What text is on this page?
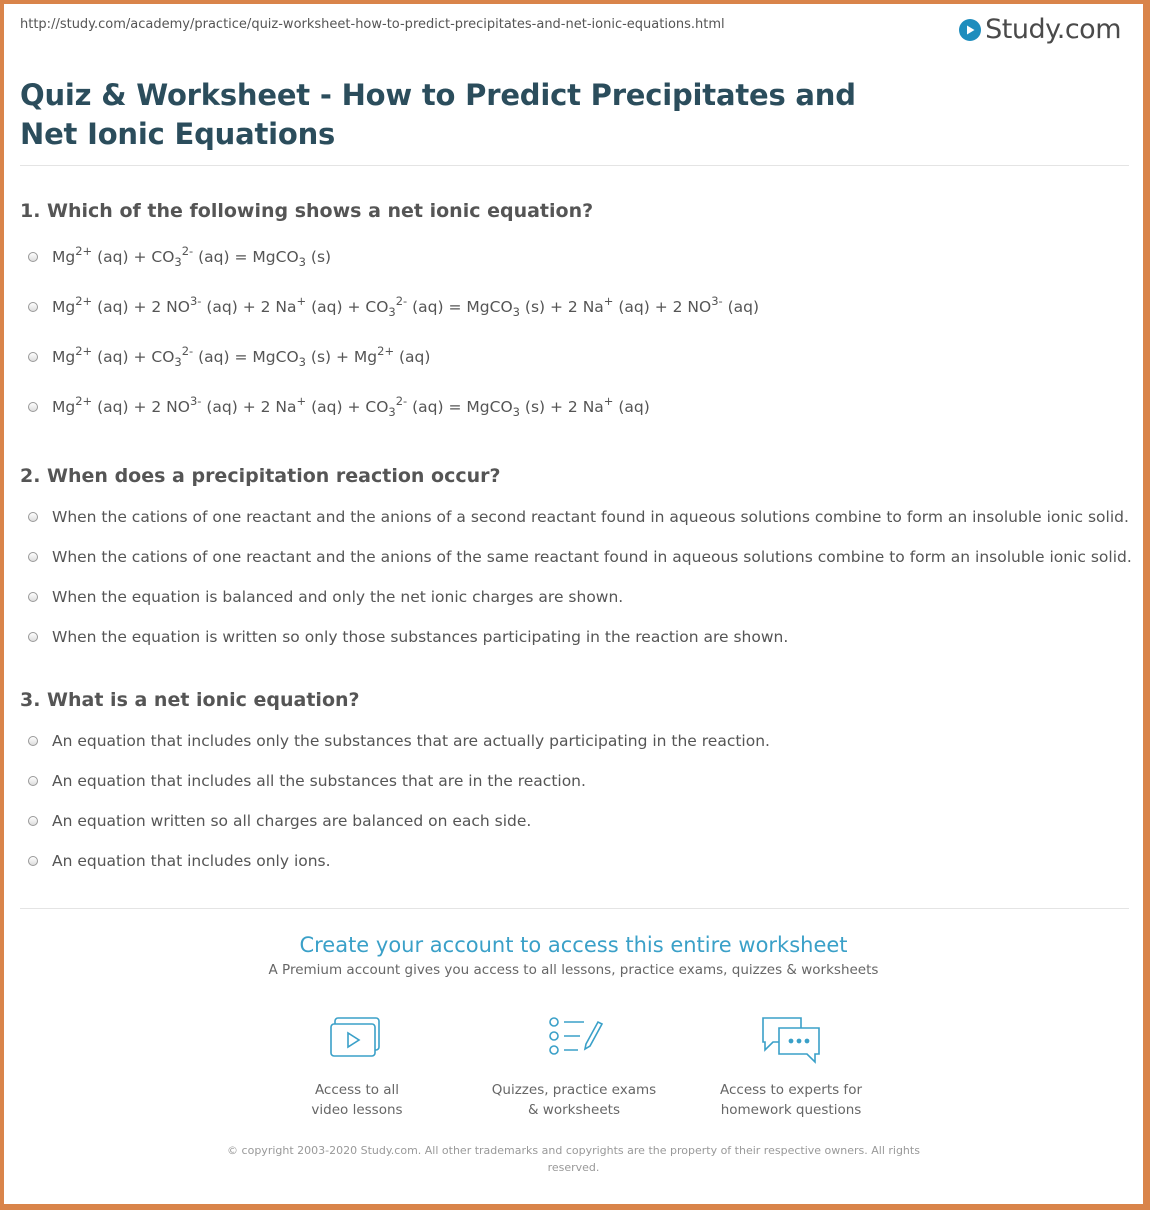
http://study.com/academy/practice/quiz-worksheet-how-to-predict-precipitates-and-net-ionic-equations.html	Study.com
Quiz & Worksheet - How to Predict Precipitates and Net Ionic Equations
1. Which of the following shows a net ionic equation?
$Mg^{2+}$ $(aq) + CO_3^{2-}$ (aq) = MgCO$_3$ (s)
$Mg^{2+}$ (aq) + 2 $NO^{3-}$ (aq) + 2 Na+ $(aq) + CO_3^{2-}$ (aq) = MgCO$_3$ (s) + 2 Na+ (aq) + 2 $NO^{3-}$ (aq)
$Mg^{2+}$ $(aq) + CO_3^{2-}$ (aq) = MgCO$_3$ $(s) + Mg^{2+}$ (aq)
$Mg^{2+}$ (aq) + 2 $NO^{3-}$ (aq) + 2 Na+ $(aq) + CO_3^{2-}$ (aq) = MgCO$_3$ (s) + 2 Na+ (aq)
2. When does a precipitation reaction occur?
When the cations of one reactant and the anions of a second reactant found in aqueous solutions combine to form an insoluble ionic solid.
When the cations of one reactant and the anions of the same reactant found in aqueous solutions combine to form an insoluble ionic solid.
When the equation is balanced and only the net ionic charges are shown.
When the equation is written so only those substances participating in the reaction are shown.
3. What is a net ionic equation?
An equation that includes only the substances that are actually participating in the reaction.
An equation that includes all the substances that are in the reaction.
An equation written so all charges are balanced on each side.
An equation that includes only ions.
Create your account to access this entire worksheet
A Premium account gives you access to all lessons, practice exams, quizzes & worksheets
Access to all
video lessons
Quizzes, practice exams
& worksheets
Access to experts for
homework questions
© copyright 2003-2020 Study.com. All other trademarks and copyrights are the property of their respective owners. All rights reserved.
